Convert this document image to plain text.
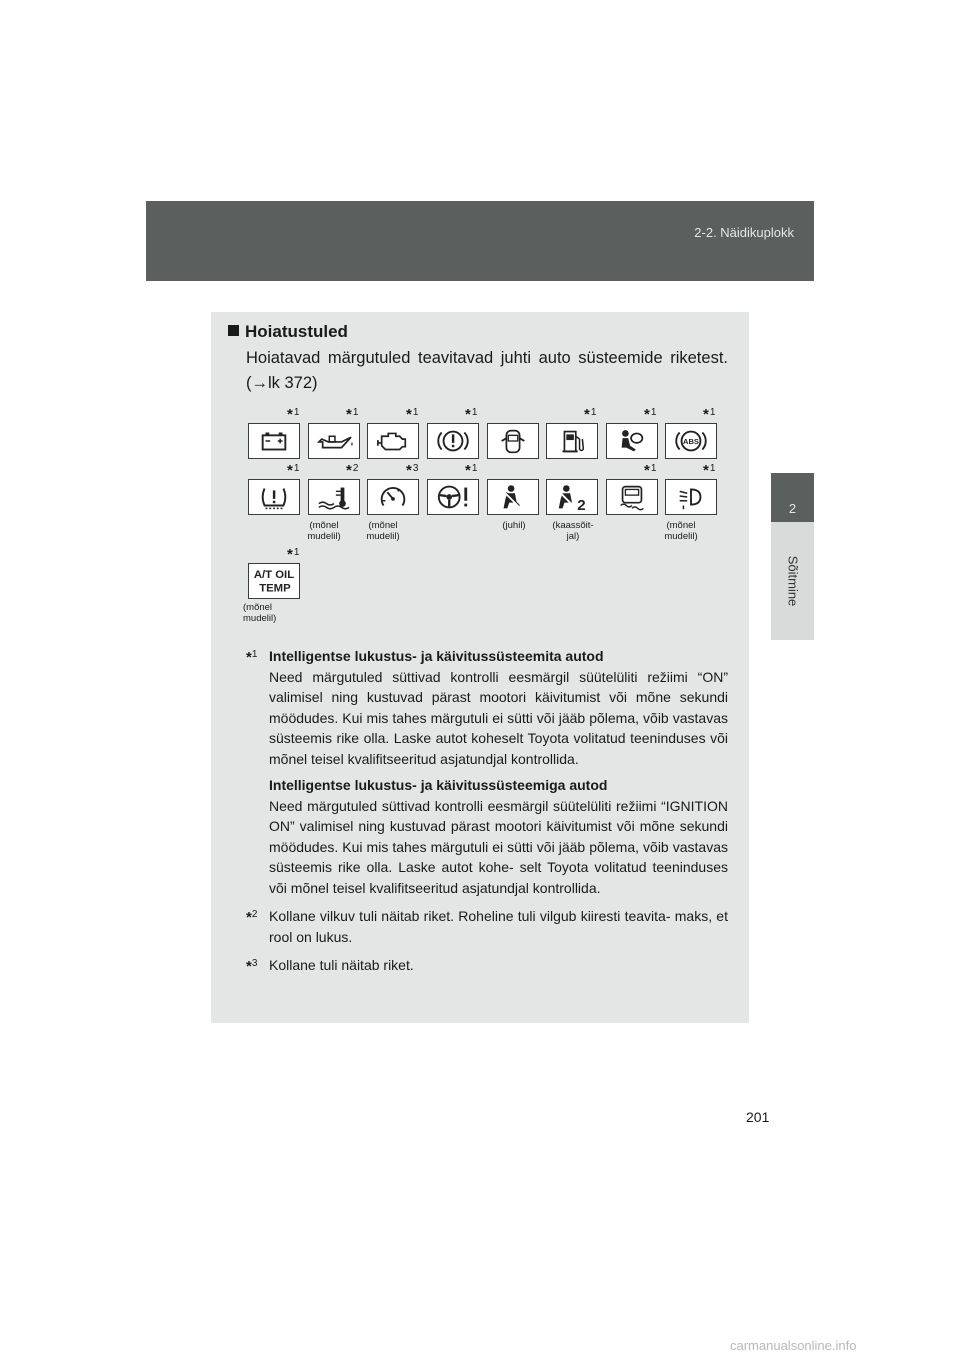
2-2. Näidikuplokk
2
Sõitmine
Hoiatustuled
Hoiatavad märgutuled teavitavad juhti auto süsteemide riketest. (→lk 372)
*$^1$	*$^1$	*$^1$	*$^1$	*$^1$	*$^1$	*$^1$
ABS
*$^1$	*$^2$	*$^3$	*$^1$	*$^1$	*$^1$
2
(mõnel mudelil)
(mõnel mudelil)
(juhil)	(kaassõit- jal)
(mõnel mudelil)
*$^1$
A/T OIL
TEMP
(mõnel mudelil)
*$^1$ Intelligentse lukustus- ja käivitussüsteemita autod

Need märgutuled süttivad kontrolli eesmärgil süütelüliti režiimi “ON” valimisel ning kustuvad pärast mootori käivitumist või mõne sekundi möödudes. Kui mis tahes märgutuli ei sütti või jääb põlema, võib vastavas süsteemis rike olla. Laske autot koheselt Toyota volitatud teeninduses või mõnel teisel kvalifitseeritud asjatundjal kontrollida.

Intelligentse lukustus- ja käivitussüsteemiga autod

Need märgutuled süttivad kontrolli eesmärgil süütelüliti režiimi “IGNITION ON” valimisel ning kustuvad pärast mootori käivitumist või mõne sekundi möödudes. Kui mis tahes märgutuli ei sütti või jääb põlema, võib vastavas süsteemis rike olla. Laske autot kohe- selt Toyota volitatud teeninduses või mõnel teisel kvalifitseeritud asjatundjal kontrollida.

*$^2$ Kollane vilkuv tuli näitab riket. Roheline tuli vilgub kiiresti teavita- maks, et rool on lukus.

*$^3$ Kollane tuli näitab riket.

201
carmanualsonline.info
